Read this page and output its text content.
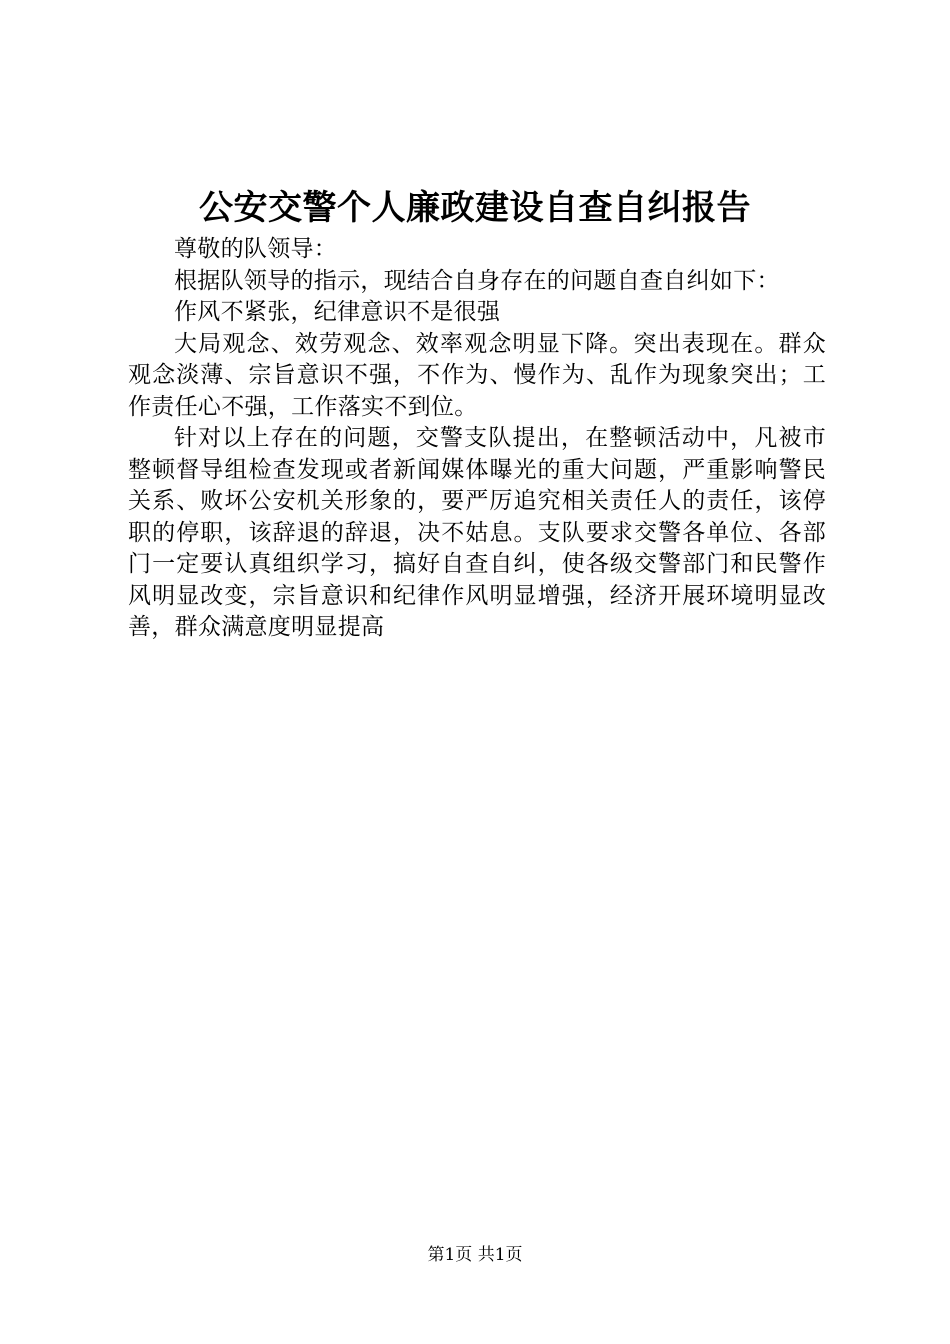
公安交警个人廉政建设自查自纠报告

尊敬的队领导：

根据队领导的指示，现结合自身存在的问题自查自纠如下：

作风不紧张，纪律意识不是很强

大局观念、效劳观念、效率观念明显下降。突出表现在。群众观念淡薄、宗旨意识不强，不作为、慢作为、乱作为现象突出；工作责任心不强，工作落实不到位。

针对以上存在的问题，交警支队提出，在整顿活动中，凡被市整顿督导组检查发现或者新闻媒体曝光的重大问题，严重影响警民关系、败坏公安机关形象的，要严厉追究相关责任人的责任，该停职的停职，该辞退的辞退，决不姑息。支队要求交警各单位、各部门一定要认真组织学习，搞好自查自纠，使各级交警部门和民警作风明显改变，宗旨意识和纪律作风明显增强，经济开展环境明显改善，群众满意度明显提高

第1页 共1页
